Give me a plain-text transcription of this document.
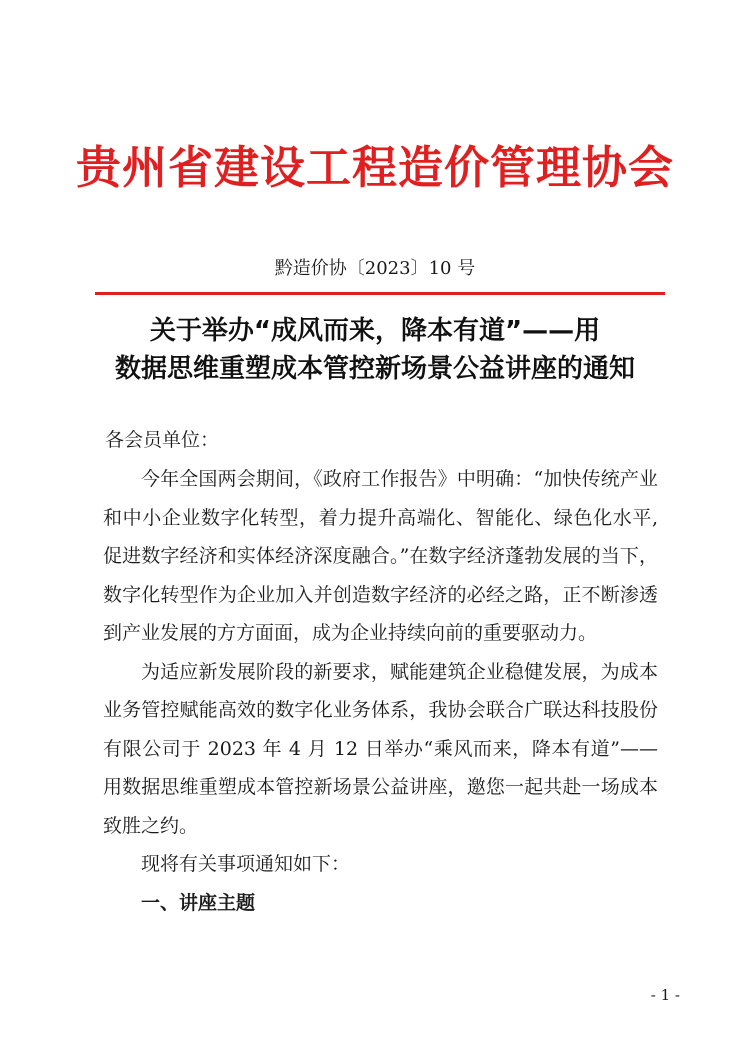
贵州省建设工程造价管理协会
黔造价协〔2023〕10 号
关于举办“成风而来，降本有道”——用
数据思维重塑成本管控新场景公益讲座的通知
各会员单位：

今年全国两会期间，《政府工作报告》中明确：“加快传统产业和中小企业数字化转型，着力提升高端化、智能化、绿色化水平,促进数字经济和实体经济深度融合。”在数字经济蓬勃发展的当下，数字化转型作为企业加入并创造数字经济的必经之路，正不断渗透到产业发展的方方面面，成为企业持续向前的重要驱动力。

为适应新发展阶段的新要求，赋能建筑企业稳健发展，为成本业务管控赋能高效的数字化业务体系，我协会联合广联达科技股份有限公司于 2023 年 4 月 12 日举办“乘风而来，降本有道”——用数据思维重塑成本管控新场景公益讲座，邀您一起共赴一场成本致胜之约。

现将有关事项通知如下：

一、讲座主题

- 1 -
